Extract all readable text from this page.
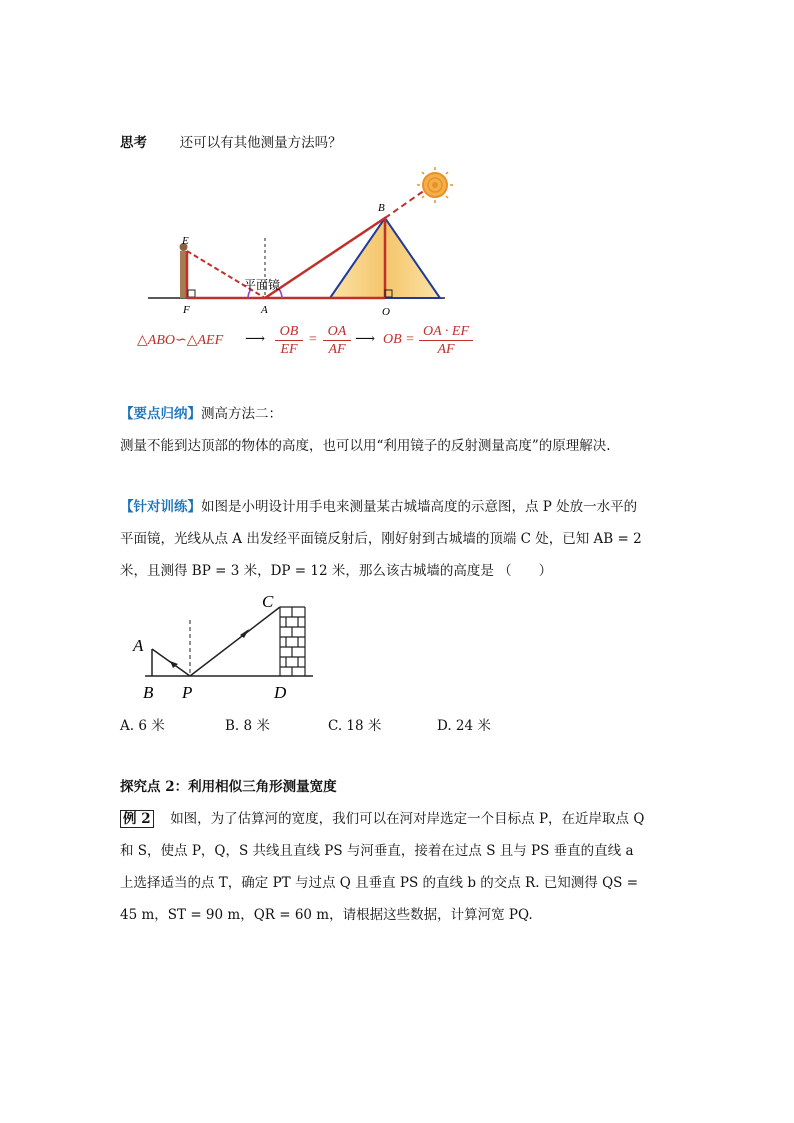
思考 还可以有其他测量方法吗？
B
E
F	A	O
平面镜
△ABO∽△AEF ⟶ $\frac{OB}{EF} = \frac{OA}{AF}$ ⟶ OB = $\frac{OA \cdot EF}{AF}$
【要点归纳】测高方法二：
测量不能到达顶部的物体的高度，也可以用“利用镜子的反射测量高度”的原理解决.
【针对训练】如图是小明设计用手电来测量某古城墙高度的示意图，点 P 处放一水平的
平面镜，光线从点 A 出发经平面镜反射后，刚好射到古城墙的顶端 C 处，已知 AB = 2
米，且测得 BP = 3 米，DP = 12 米，那么该古城墙的高度是 （　　）
A
B P
C
D
A. 6 米	B. 8 米	C. 18 米	D. 24 米
探究点 2：利用相似三角形测量宽度
例 2 如图，为了估算河的宽度，我们可以在河对岸选定一个目标点 P，在近岸取点 Q
和 S，使点 P，Q，S 共线且直线 PS 与河垂直，接着在过点 S 且与 PS 垂直的直线 a
上选择适当的点 T，确定 PT 与过点 Q 且垂直 PS 的直线 b 的交点 R. 已知测得 QS =
45 m，ST = 90 m，QR = 60 m，请根据这些数据，计算河宽 PQ.
